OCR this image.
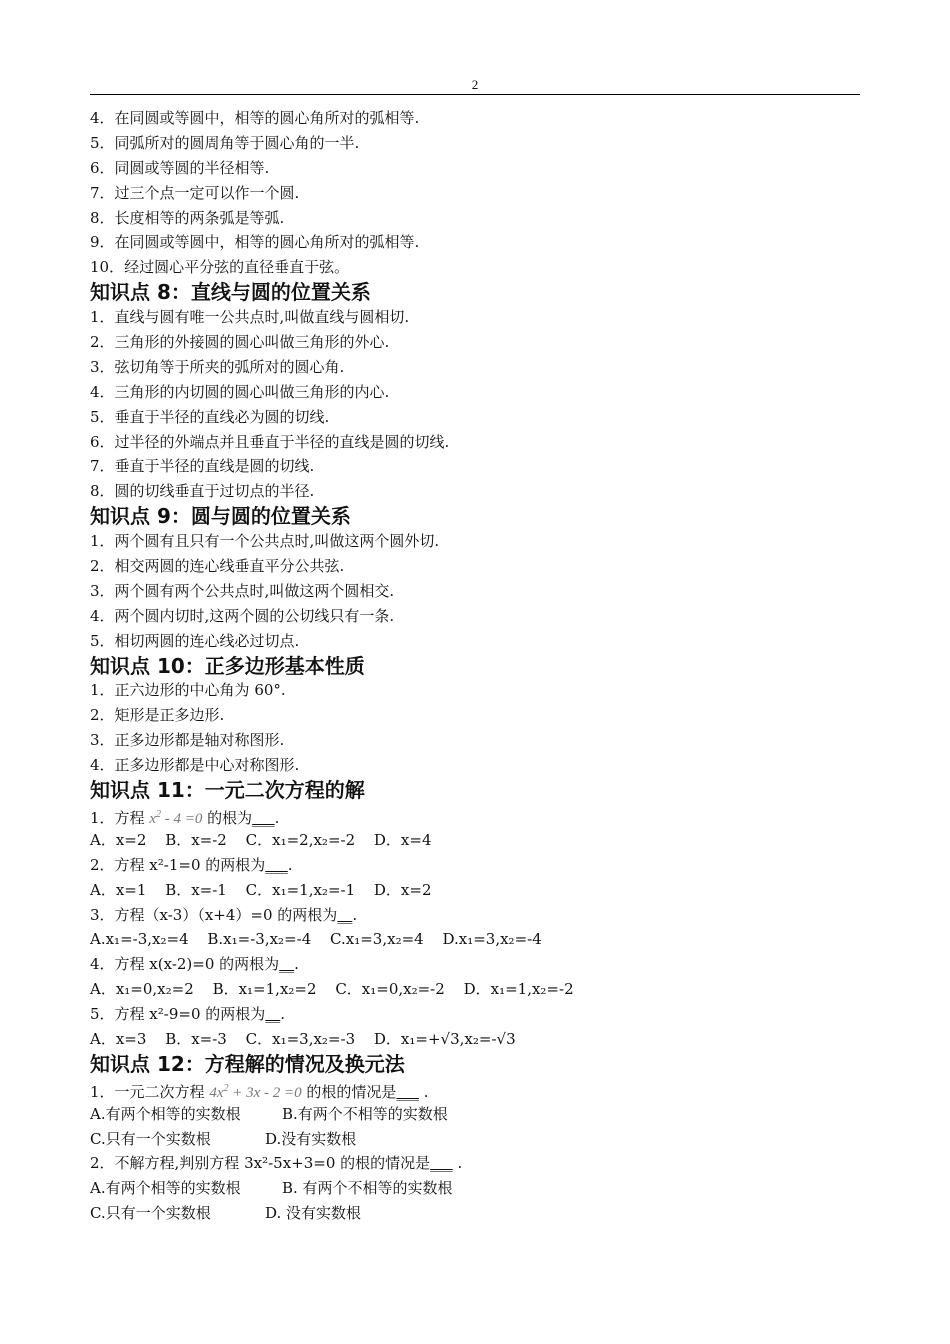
2
4．在同圆或等圆中，相等的圆心角所对的弧相等.
5．同弧所对的圆周角等于圆心角的一半.
6．同圆或等圆的半径相等.
7．过三个点一定可以作一个圆.
8．长度相等的两条弧是等弧.
9．在同圆或等圆中，相等的圆心角所对的弧相等.
10．经过圆心平分弦的直径垂直于弦。
知识点 8：直线与圆的位置关系
1．直线与圆有唯一公共点时,叫做直线与圆相切.
2．三角形的外接圆的圆心叫做三角形的外心.
3．弦切角等于所夹的弧所对的圆心角.
4．三角形的内切圆的圆心叫做三角形的内心.
5．垂直于半径的直线必为圆的切线.
6．过半径的外端点并且垂直于半径的直线是圆的切线.
7．垂直于半径的直线是圆的切线.
8．圆的切线垂直于过切点的半径.
知识点 9：圆与圆的位置关系
1．两个圆有且只有一个公共点时,叫做这两个圆外切.
2．相交两圆的连心线垂直平分公共弦.
3．两个圆有两个公共点时,叫做这两个圆相交.
4．两个圆内切时,这两个圆的公切线只有一条.
5．相切两圆的连心线必过切点.
知识点 10：正多边形基本性质
1．正六边形的中心角为 60°.
2．矩形是正多边形.
3．正多边形都是轴对称图形.
4．正多边形都是中心对称图形.
知识点 11：一元二次方程的解
1．方程 $x^2 - 4 =0$ 的根为___.
A．x=2 B．x=-2 C．x₁=2,x₂=-2 D．x=4
2．方程 x²-1=0 的两根为___.
A．x=1 B．x=-1 C．x₁=1,x₂=-1 D．x=2
3．方程（x-3）（x+4）=0 的两根为__.
A.x₁=-3,x₂=4 B.x₁=-3,x₂=-4 C.x₁=3,x₂=4 D.x₁=3,x₂=-4
4．方程 x(x-2)=0 的两根为__.
A．x₁=0,x₂=2 B．x₁=1,x₂=2 C．x₁=0,x₂=-2 D．x₁=1,x₂=-2
5．方程 x²-9=0 的两根为__.
A．x=3 B．x=-3 C．x₁=3,x₂=-3 D．x₁=+√3,x₂=-√3
知识点 12：方程解的情况及换元法
1．一元二次方程 $4x^2 + 3x - 2 =0$ 的根的情况是___ .
A.有两个相等的实数根	B.有两个不相等的实数根
C.只有一个实数根	D.没有实数根
2．不解方程,判别方程 3x²-5x+3=0 的根的情况是___ .
A.有两个相等的实数根	B. 有两个不相等的实数根
C.只有一个实数根	D. 没有实数根
